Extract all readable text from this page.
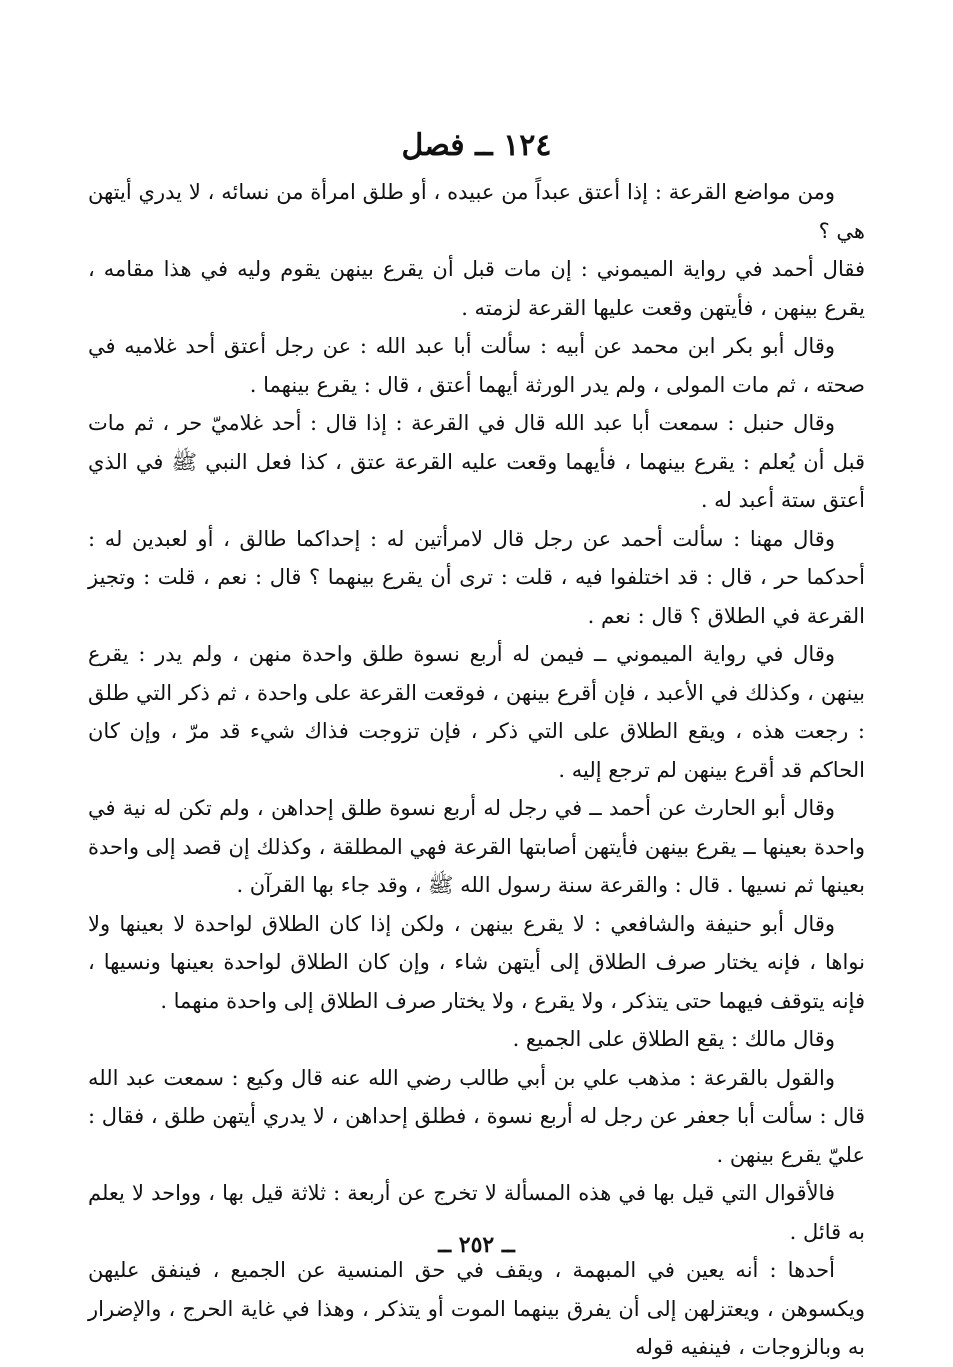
١٢٤ ــ فصل

ومن مواضع القرعة : إذا أعتق عبداً من عبيده ، أو طلق امرأة من نسائه ، لا يدري أيتهن هي ؟

فقال أحمد في رواية الميموني : إن مات قبل أن يقرع بينهن يقوم وليه في هذا مقامه ، يقرع بينهن ، فأيتهن وقعت عليها القرعة لزمته .

وقال أبو بكر ابن محمد عن أبيه : سألت أبا عبد الله : عن رجل أعتق أحد غلاميه في صحته ، ثم مات المولى ، ولم يدر الورثة أيهما أعتق ، قال : يقرع بينهما .

وقال حنبل : سمعت أبا عبد الله قال في القرعة : إذا قال : أحد غلاميّ حر ، ثم مات قبل أن يُعلم : يقرع بينهما ، فأيهما وقعت عليه القرعة عتق ، كذا فعل النبي ﷺ في الذي أعتق ستة أعبد له .

وقال مهنا : سألت أحمد عن رجل قال لامرأتين له : إحداكما طالق ، أو لعبدين له : أحدكما حر ، قال : قد اختلفوا فيه ، قلت : ترى أن يقرع بينهما ؟ قال : نعم ، قلت : وتجيز القرعة في الطلاق ؟ قال : نعم .

وقال في رواية الميموني ــ فيمن له أربع نسوة طلق واحدة منهن ، ولم يدر : يقرع بينهن ، وكذلك في الأعبد ، فإن أقرع بينهن ، فوقعت القرعة على واحدة ، ثم ذكر التي طلق : رجعت هذه ، ويقع الطلاق على التي ذكر ، فإن تزوجت فذاك شيء قد مرّ ، وإن كان الحاكم قد أقرع بينهن لم ترجع إليه .

وقال أبو الحارث عن أحمد ــ في رجل له أربع نسوة طلق إحداهن ، ولم تكن له نية في واحدة بعينها ــ يقرع بينهن فأيتهن أصابتها القرعة فهي المطلقة ، وكذلك إن قصد إلى واحدة بعينها ثم نسيها . قال : والقرعة سنة رسول الله ﷺ ، وقد جاء بها القرآن .

وقال أبو حنيفة والشافعي : لا يقرع بينهن ، ولكن إذا كان الطلاق لواحدة لا بعينها ولا نواها ، فإنه يختار صرف الطلاق إلى أيتهن شاء ، وإن كان الطلاق لواحدة بعينها ونسيها ، فإنه يتوقف فيهما حتى يتذكر ، ولا يقرع ، ولا يختار صرف الطلاق إلى واحدة منهما .

وقال مالك : يقع الطلاق على الجميع .

والقول بالقرعة : مذهب علي بن أبي طالب رضي الله عنه قال وكيع : سمعت عبد الله قال : سألت أبا جعفر عن رجل له أربع نسوة ، فطلق إحداهن ، لا يدري أيتهن طلق ، فقال : عليّ يقرع بينهن .

فالأقوال التي قيل بها في هذه المسألة لا تخرج عن أربعة : ثلاثة قيل بها ، وواحد لا يعلم به قائل .

أحدها : أنه يعين في المبهمة ، ويقف في حق المنسية عن الجميع ، فينفق عليهن ويكسوهن ، ويعتزلهن إلى أن يفرق بينهما الموت أو يتذكر ، وهذا في غاية الحرج ، والإضرار به وبالزوجات ، فينفيه قوله

ــ ٢٥٢ ــ
